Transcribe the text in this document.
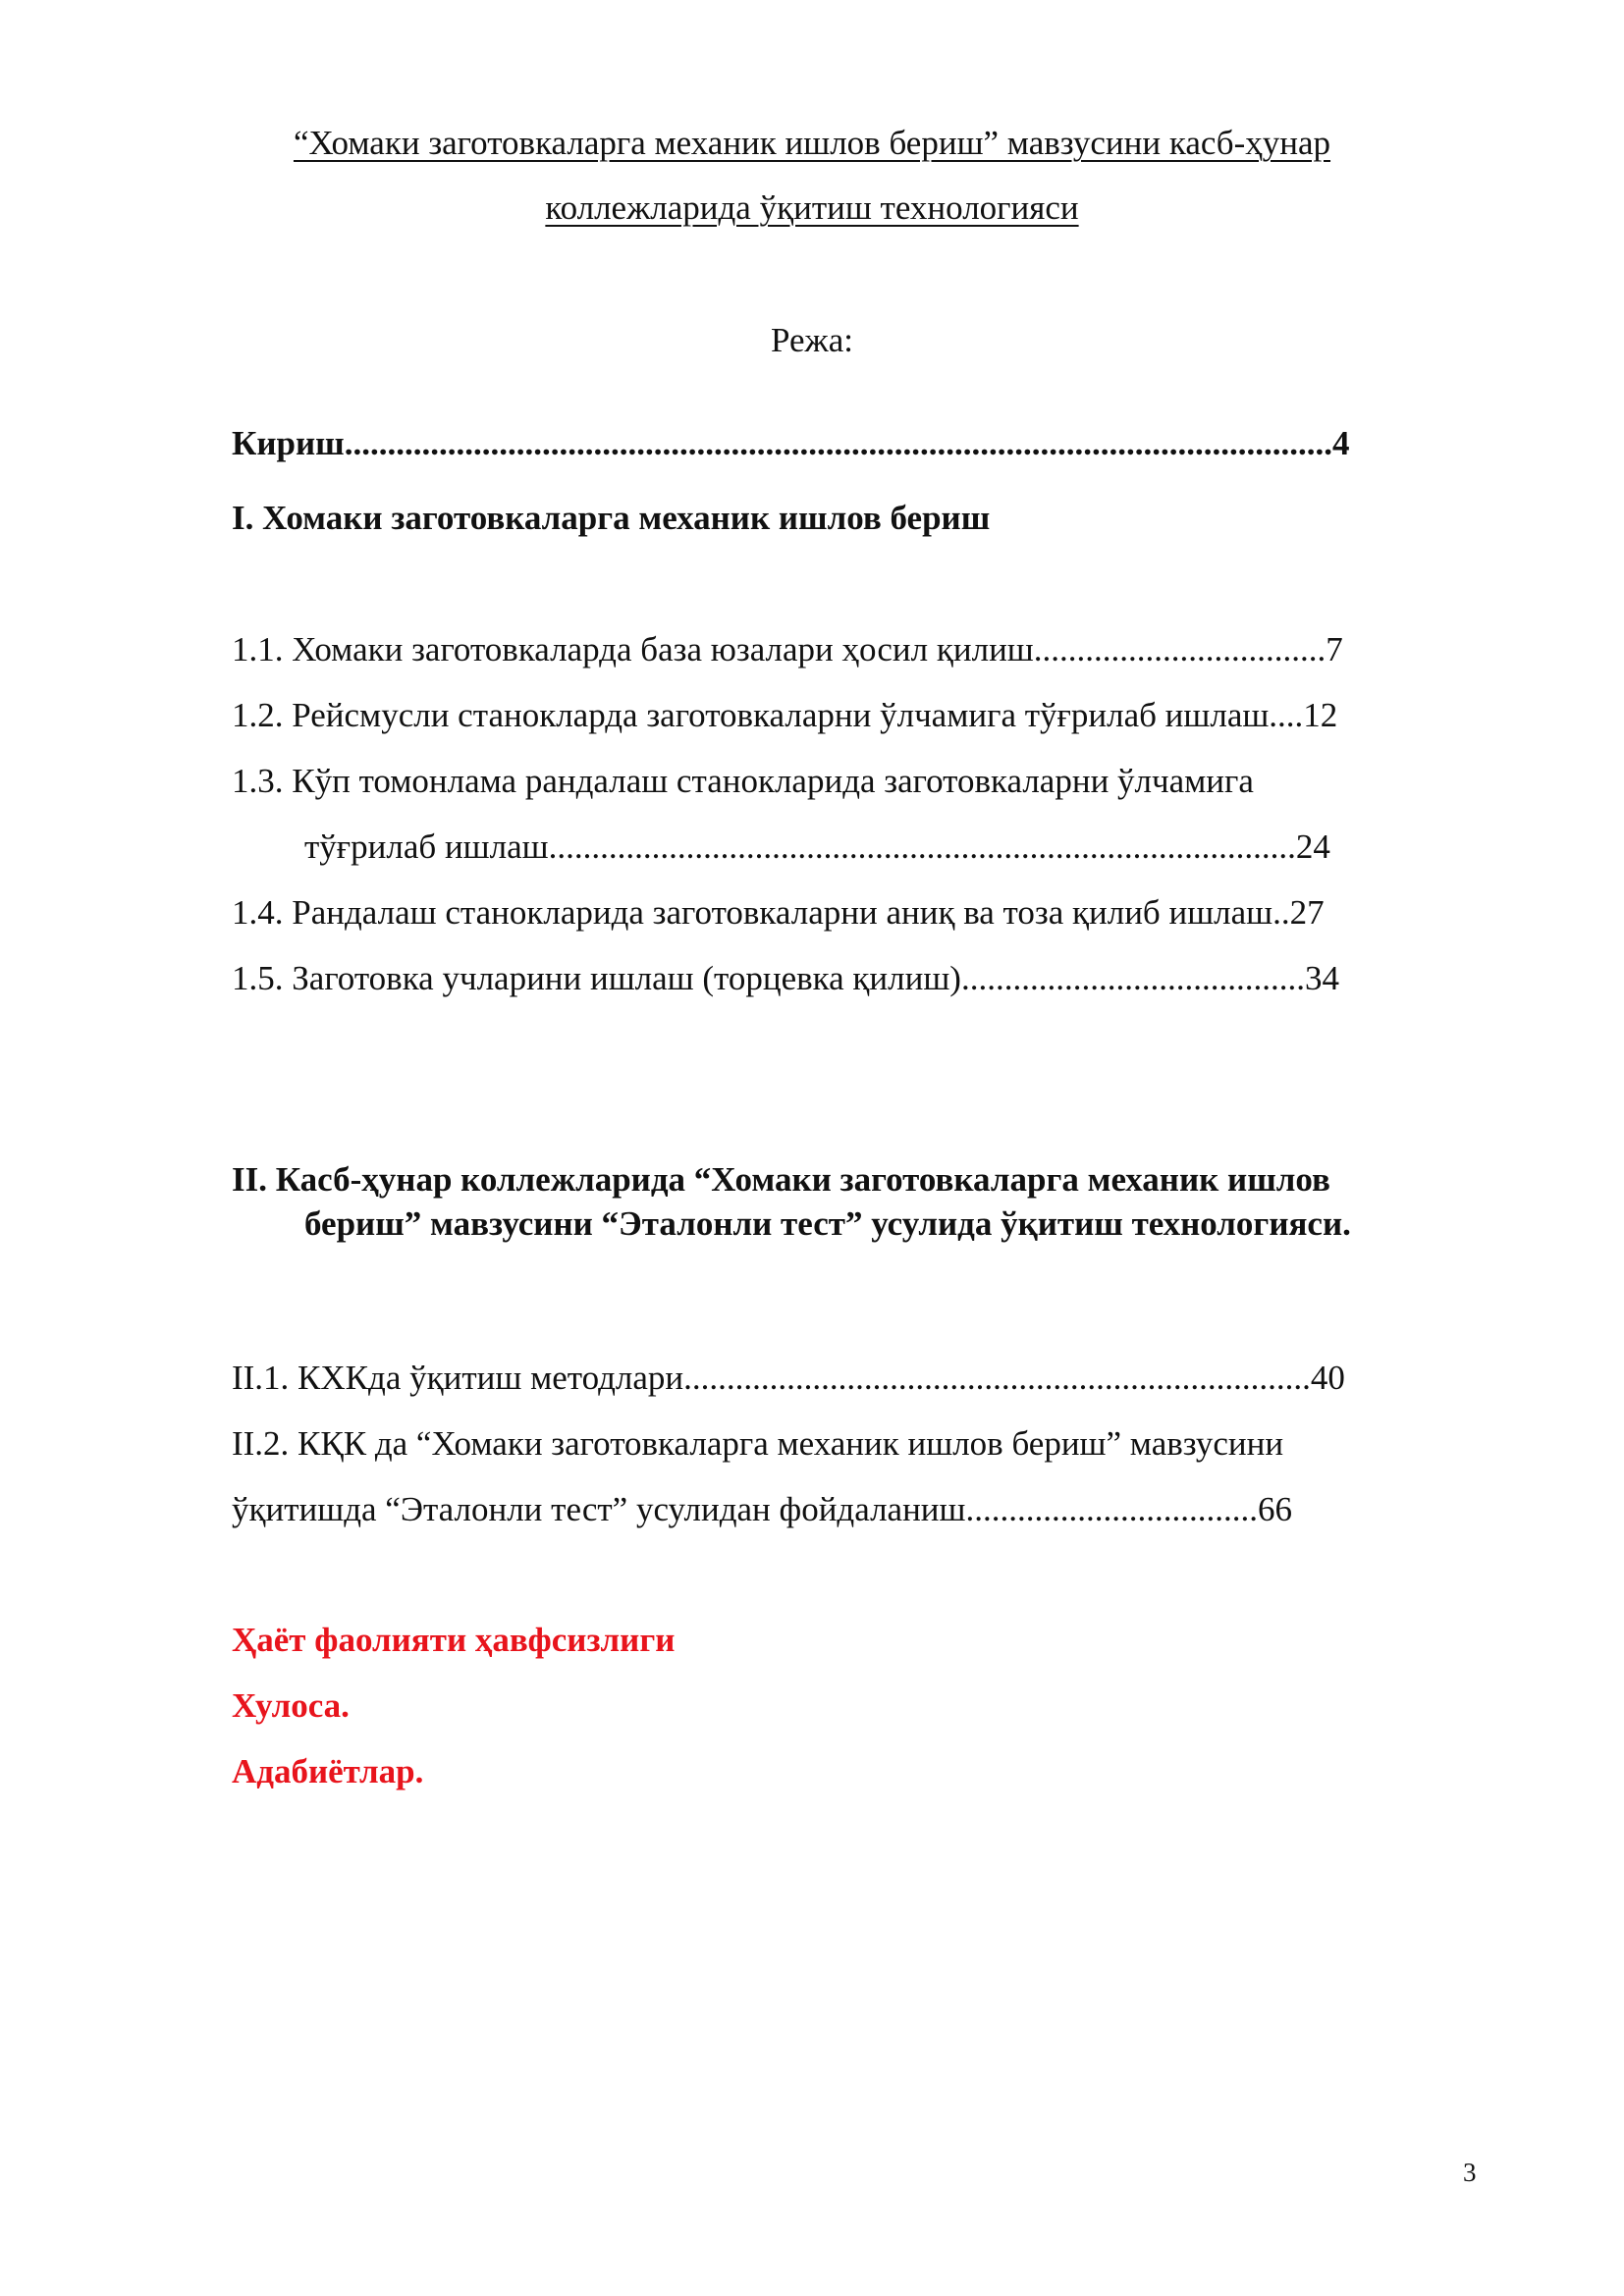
“Хомаки заготовкаларга механик ишлов бериш” мавзусини касб-ҳунар
коллежларида ўқитиш технологияси
Режа:
Кириш...................................................................................................................4
I. Хомаки заготовкаларга механик ишлов бериш
1.1. Хомаки заготовкаларда база юзалари ҳосил қилиш..................................7
1.2. Рейсмусли станокларда заготовкаларни ўлчамига тўғрилаб ишлаш....12
1.3. Кўп томонлама рандалаш станокларида заготовкаларни ўлчамига
тўғрилаб ишлаш.......................................................................................24
1.4. Рандалаш станокларида заготовкаларни аниқ ва тоза қилиб ишлаш..27
1.5. Заготовка учларини ишлаш (торцевка қилиш)........................................34
II. Касб-ҳунар коллежларида “Хомаки заготовкаларга механик ишлов
бериш” мавзусини “Эталонли тест” усулида ўқитиш технологияси.
II.1. КХКда ўқитиш методлари.........................................................................40
II.2. КҚК да “Хомаки заготовкаларга механик ишлов бериш” мавзусини
ўқитишда “Эталонли тест” усулидан фойдаланиш..................................66
Ҳаёт фаолияти ҳавфсизлиги
Хулоса.
Адабиётлар.
3
